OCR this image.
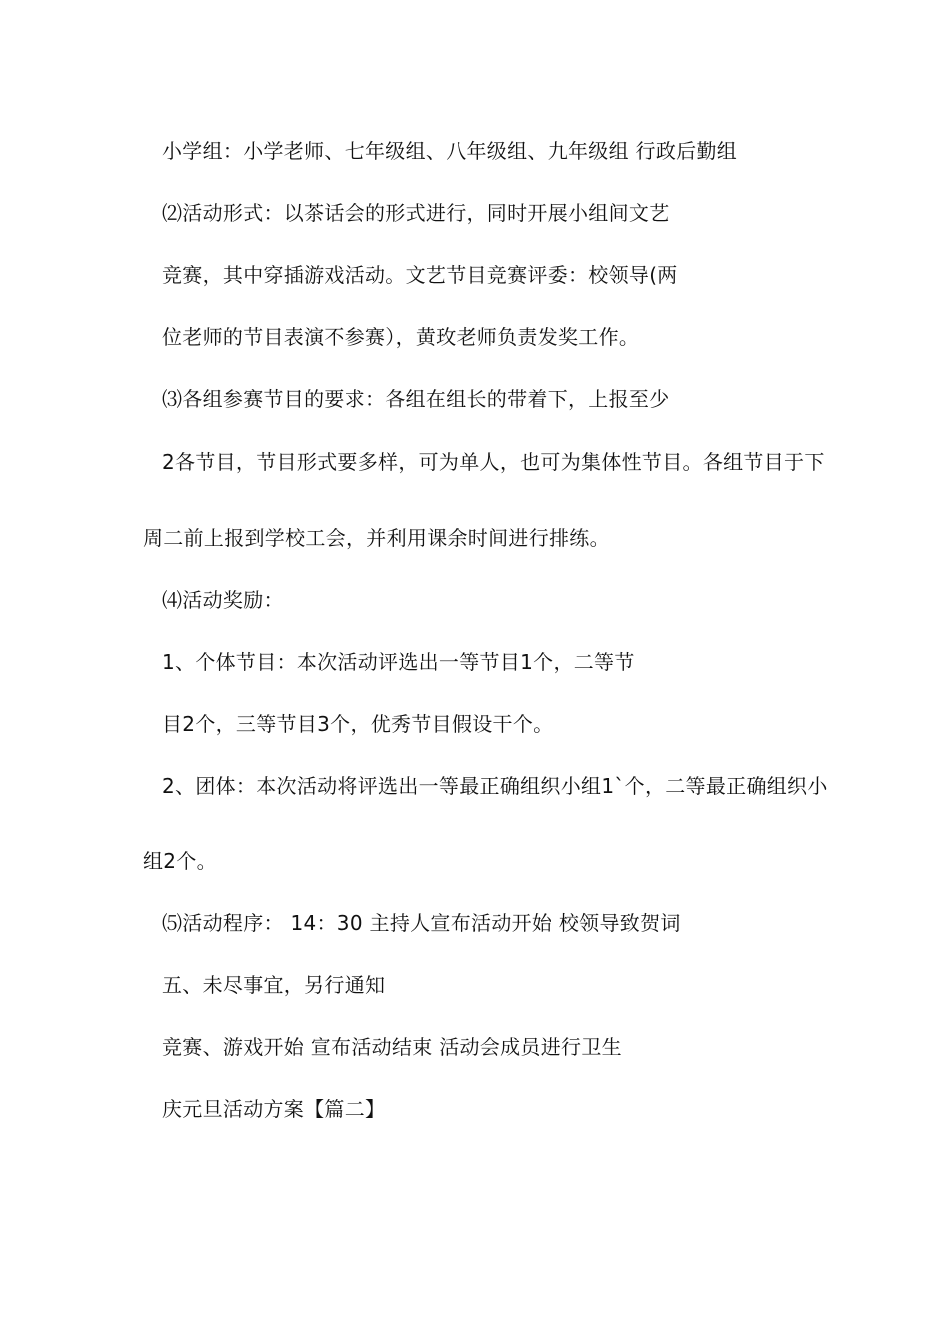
小学组：小学老师、七年级组、八年级组、九年级组 行政后勤组
⑵活动形式：以茶话会的形式进行，同时开展小组间文艺
竞赛，其中穿插游戏活动。文艺节目竞赛评委：校领导(两
位老师的节目表演不参赛），黄玫老师负责发奖工作。
⑶各组参赛节目的要求：各组在组长的带着下，上报至少
2各节目，节目形式要多样，可为单人，也可为集体性节目。各组节目于下
周二前上报到学校工会，并利用课余时间进行排练。
⑷活动奖励：
1、个体节目：本次活动评选出一等节目1个，二等节
目2个，三等节目3个，优秀节目假设干个。
2、团体：本次活动将评选出一等最正确组织小组1`个，二等最正确组织小
组2个。
⑸活动程序： 14：30 主持人宣布活动开始 校领导致贺词
五、未尽事宜，另行通知
竞赛、游戏开始 宣布活动结束 活动会成员进行卫生
庆元旦活动方案【篇二】
